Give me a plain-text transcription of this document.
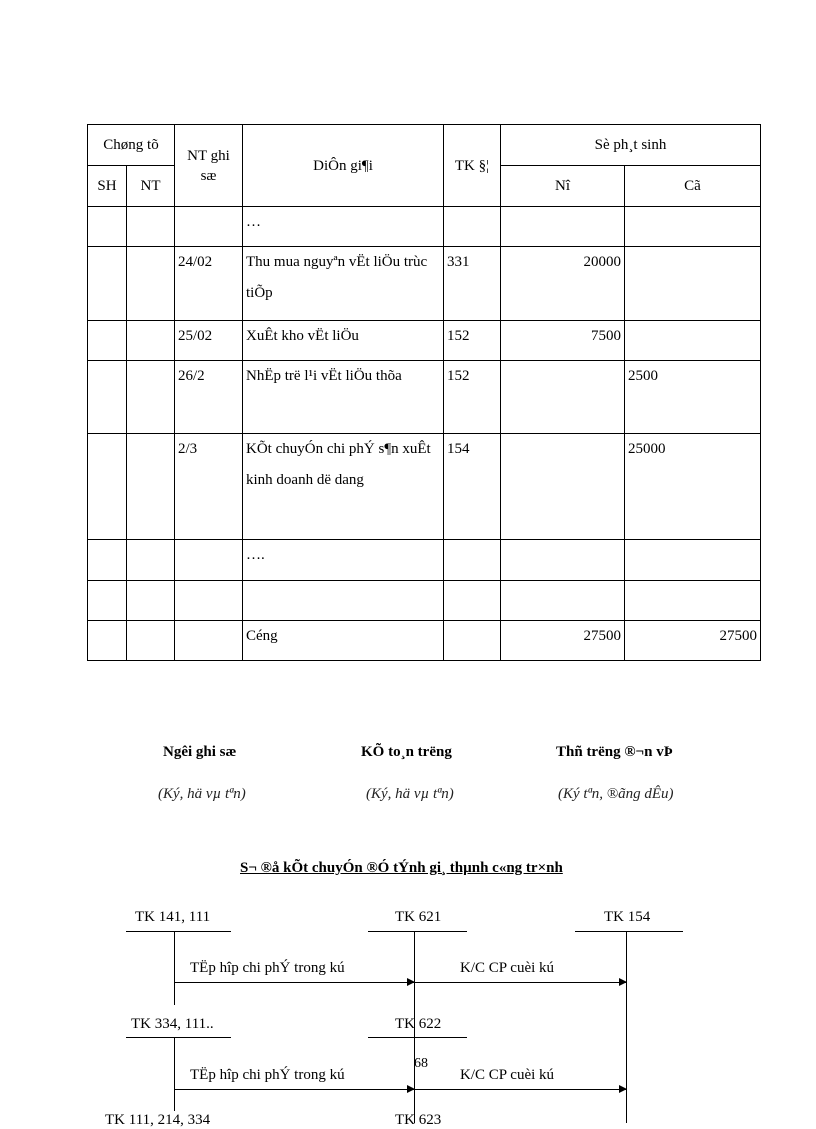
Chøng tõ		NT ghi sæ	DiÔn gi¶i	TK §¦	Sè ph¸t sinh	
SH	NT				Nî	Cã
			…			
		24/02	Thu mua nguyªn vËt liÖu trùc tiÕp	331	20000	
		25/02	XuÊt kho vËt liÖu	152	7500	
		26/2	NhËp trë l¹i vËt liÖu thõa	152		2500
		2/3	KÕt chuyÓn chi phÝ s¶n xuÊt kinh doanh dë dang	154		25000
			….			

			Céng		27500	27500
Ngêi ghi sæ
(Ký, hä vµ tªn)
KÕ to¸n trëng
(Ký, hä vµ tªn)
Thñ trëng ®¬n vÞ
(Ký tªn, ®ãng dÊu)
S¬ ®å kÕt chuyÓn ®Ó tÝnh gi¸ thµnh c«ng tr×nh
TK 141, 111	TK 621	TK 154
TËp hîp chi phÝ trong kú	K/C CP cuèi kú
TK 334, 111..	TK 622
TËp hîp chi phÝ trong kú	K/C CP cuèi kú
68
TK 111, 214, 334	TK 623
